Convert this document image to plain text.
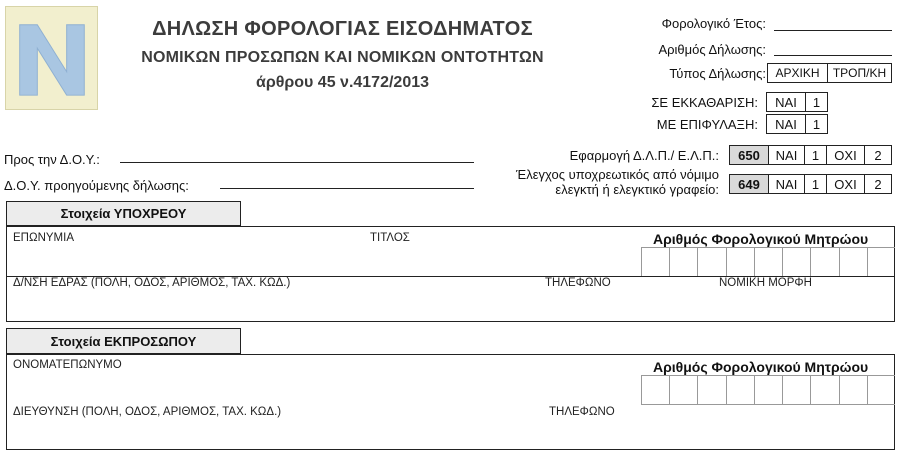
ΔΗΛΩΣΗ ΦΟΡΟΛΟΓΙΑΣ ΕΙΣΟΔΗΜΑΤΟΣ
ΝΟΜΙΚΩΝ ΠΡΟΣΩΠΩΝ ΚΑΙ ΝΟΜΙΚΩΝ ΟΝΤΟΤΗΤΩΝ
άρθρου 45 ν.4172/2013
Φορολογικό Έτος:
Αριθμός Δήλωσης:
Τύπος Δήλωσης: ΑΡΧΙΚΗ	ΤΡΟΠ/ΚΗ
ΣΕ ΕΚΚΑΘΑΡΙΣΗ:	ΝΑΙ	1
ΜΕ ΕΠΙΦΥΛΑΞΗ:	ΝΑΙ	1
Προς την Δ.Ο.Υ.:
Δ.Ο.Υ. προηγούμενης δήλωσης:
Εφαρμογή Δ.Λ.Π./ Ε.Λ.Π.:	650	ΝΑΙ	1	ΟΧΙ	2
Έλεγχος υποχρεωτικός από νόμιμο
ελεγκτή ή ελεγκτικό γραφείο:	649	ΝΑΙ	1	ΟΧΙ	2
Στοιχεία ΥΠΟΧΡΕΟΥ
ΕΠΩΝΥΜΙΑ	ΤΙΤΛΟΣ	Αριθμός Φορολογικού Μητρώου
Δ/ΝΣΗ ΕΔΡΑΣ (ΠΟΛΗ, ΟΔΟΣ, ΑΡΙΘΜΟΣ, ΤΑΧ. ΚΩΔ.)	ΤΗΛΕΦΩΝΟ	ΝΟΜΙΚΗ ΜΟΡΦΗ
Στοιχεία ΕΚΠΡΟΣΩΠΟΥ
ΟΝΟΜΑΤΕΠΩΝΥΜΟ	Αριθμός Φορολογικού Μητρώου
ΔΙΕΥΘΥΝΣΗ (ΠΟΛΗ, ΟΔΟΣ, ΑΡΙΘΜΟΣ, ΤΑΧ. ΚΩΔ.)	ΤΗΛΕΦΩΝΟ
